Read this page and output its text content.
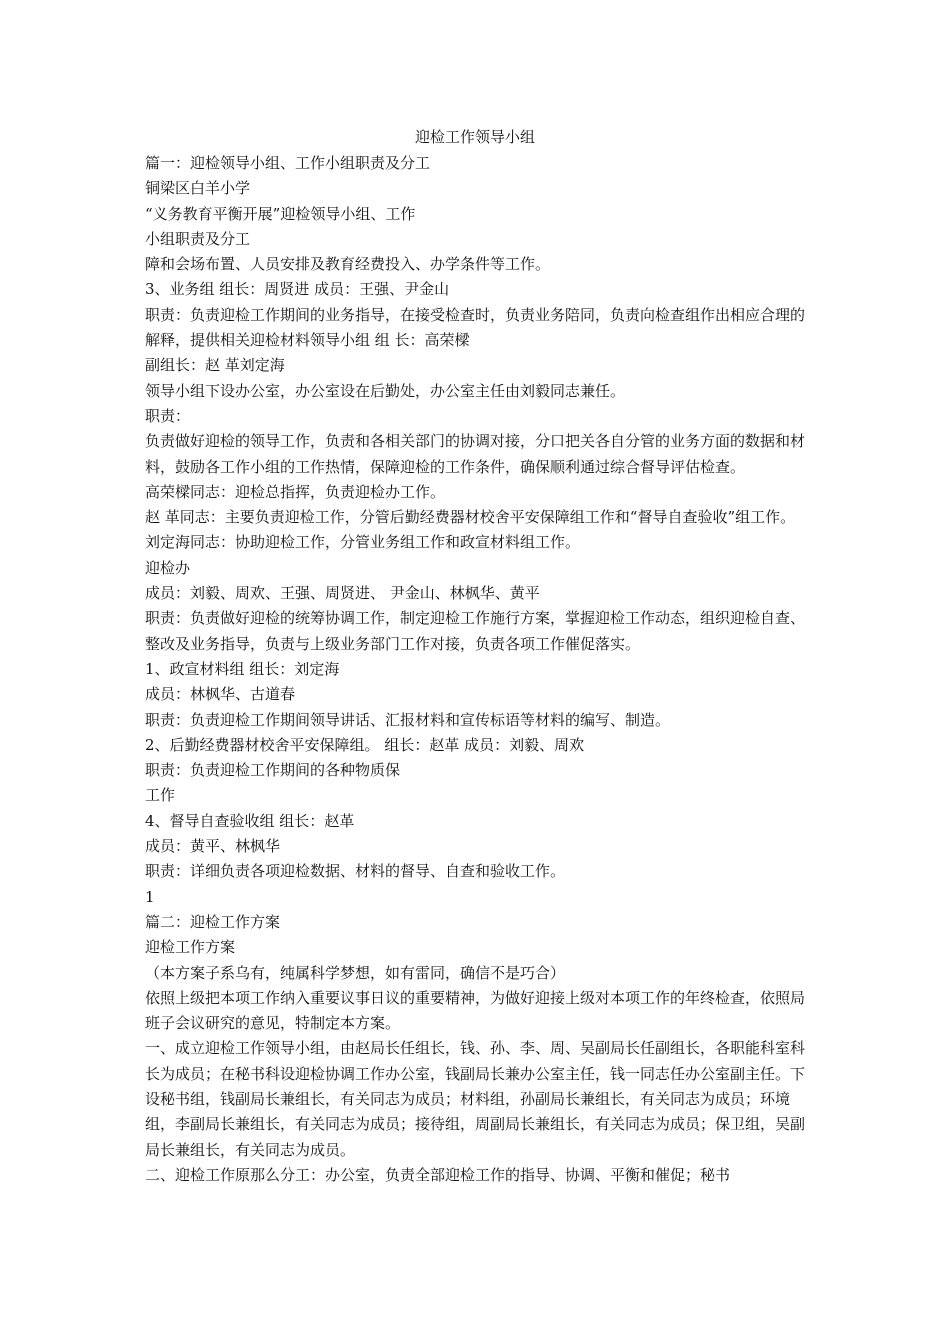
迎检工作领导小组

篇一：迎检领导小组、工作小组职责及分工

铜梁区白羊小学

“义务教育平衡开展”迎检领导小组、工作

小组职责及分工

障和会场布置、人员安排及教育经费投入、办学条件等工作。

3、业务组 组长：周贤进 成员：王强、尹金山

职责：负责迎检工作期间的业务指导，在接受检查时，负责业务陪同，负责向检查组作出相应合理的解释，提供相关迎检材料领导小组 组 长：高荣樑

副组长：赵 革刘定海

领导小组下设办公室，办公室设在后勤处，办公室主任由刘毅同志兼任。

职责：

负责做好迎检的领导工作，负责和各相关部门的协调对接，分口把关各自分管的业务方面的数据和材料，鼓励各工作小组的工作热情，保障迎检的工作条件，确保顺利通过综合督导评估检查。

高荣樑同志：迎检总指挥，负责迎检办工作。

赵 革同志：主要负责迎检工作，分管后勤经费器材校舍平安保障组工作和“督导自查验收”组工作。

刘定海同志：协助迎检工作，分管业务组工作和政宣材料组工作。

迎检办

成员：刘毅、周欢、王强、周贤进、 尹金山、林枫华、黄平

职责：负责做好迎检的统筹协调工作，制定迎检工作施行方案，掌握迎检工作动态，组织迎检自查、整改及业务指导，负责与上级业务部门工作对接，负责各项工作催促落实。

1、政宣材料组 组长：刘定海

成员：林枫华、古道春

职责：负责迎检工作期间领导讲话、汇报材料和宣传标语等材料的编写、制造。

2、后勤经费器材校舍平安保障组。 组长：赵革 成员：刘毅、周欢

职责：负责迎检工作期间的各种物质保

工作

4、督导自查验收组 组长：赵革

成员：黄平、林枫华

职责：详细负责各项迎检数据、材料的督导、自查和验收工作。

1

篇二：迎检工作方案

迎检工作方案

（本方案子系乌有，纯属科学梦想，如有雷同，确信不是巧合）

依照上级把本项工作纳入重要议事日议的重要精神，为做好迎接上级对本项工作的年终检查，依照局班子会议研究的意见，特制定本方案。

一、成立迎检工作领导小组，由赵局长任组长，钱、孙、李、周、吴副局长任副组长，各职能科室科长为成员；在秘书科设迎检协调工作办公室，钱副局长兼办公室主任，钱一同志任办公室副主任。下设秘书组，钱副局长兼组长，有关同志为成员；材料组，孙副局长兼组长，有关同志为成员；环境组，李副局长兼组长，有关同志为成员；接待组，周副局长兼组长，有关同志为成员；保卫组，吴副局长兼组长，有关同志为成员。

二、迎检工作原那么分工：办公室，负责全部迎检工作的指导、协调、平衡和催促；秘书
